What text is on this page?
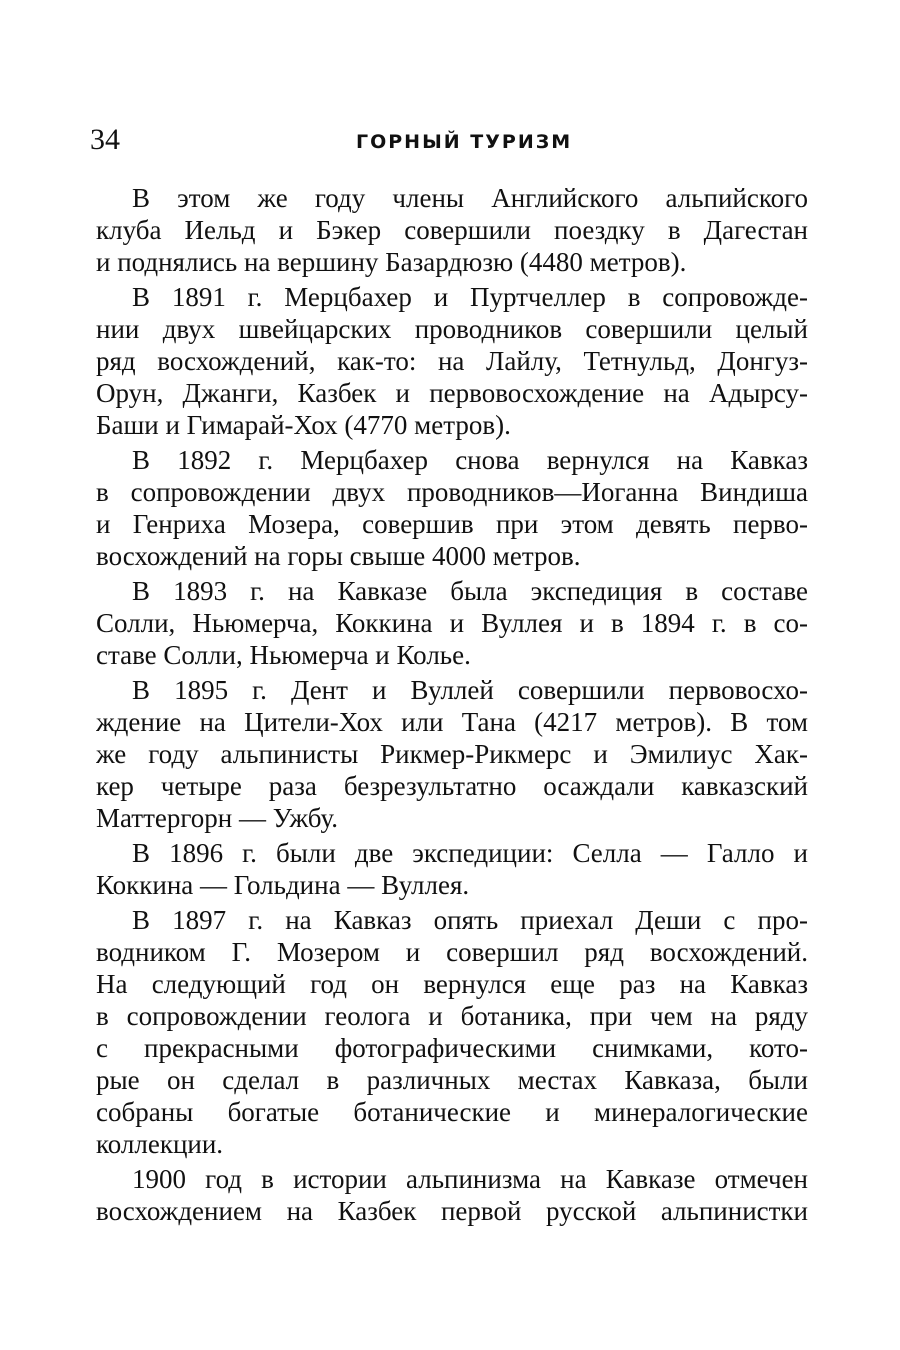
34	ГОРНЫЙ ТУРИЗМ
В этом же году члены Английского альпийского
клуба Иельд и Бэкер совершили поездку в Дагестан
и поднялись на вершину Базардюзю (4480 метров).
В 1891 г. Мерцбахер и Пуртчеллер в сопровожде-
нии двух швейцарских проводников совершили целый
ряд восхождений, как-то: на Лайлу, Тетнульд, Донгуз-
Орун, Джанги, Казбек и первовосхождение на Адырсу-
Баши и Гимарай-Хох (4770 метров).
В 1892 г. Мерцбахер снова вернулся на Кавказ
в сопровождении двух проводников—Иоганна Виндиша
и Генриха Мозера, совершив при этом девять перво-
восхождений на горы свыше 4000 метров.
В 1893 г. на Кавказе была экспедиция в составе
Солли, Ньюмерча, Коккина и Вуллея и в 1894 г. в со-
ставе Солли, Ньюмерча и Колье.
В 1895 г. Дент и Вуллей совершили первовосхо-
ждение на Цители-Хох или Тана (4217 метров). В том
же году альпинисты Рикмер-Рикмерс и Эмилиус Хак-
кер четыре раза безрезультатно осаждали кавказский
Маттергорн — Ужбу.
В 1896 г. были две экспедиции: Селла — Галло и
Коккина — Гольдина — Вуллея.
В 1897 г. на Кавказ опять приехал Деши с про-
водником Г. Мозером и совершил ряд восхождений.
На следующий год он вернулся еще раз на Кавказ
в сопровождении геолога и ботаника, при чем на ряду
с прекрасными фотографическими снимками, кото-
рые он сделал в различных местах Кавказа, были
собраны богатые ботанические и минералогические
коллекции.
1900 год в истории альпинизма на Кавказе отмечен
восхождением на Казбек первой русской альпинистки
